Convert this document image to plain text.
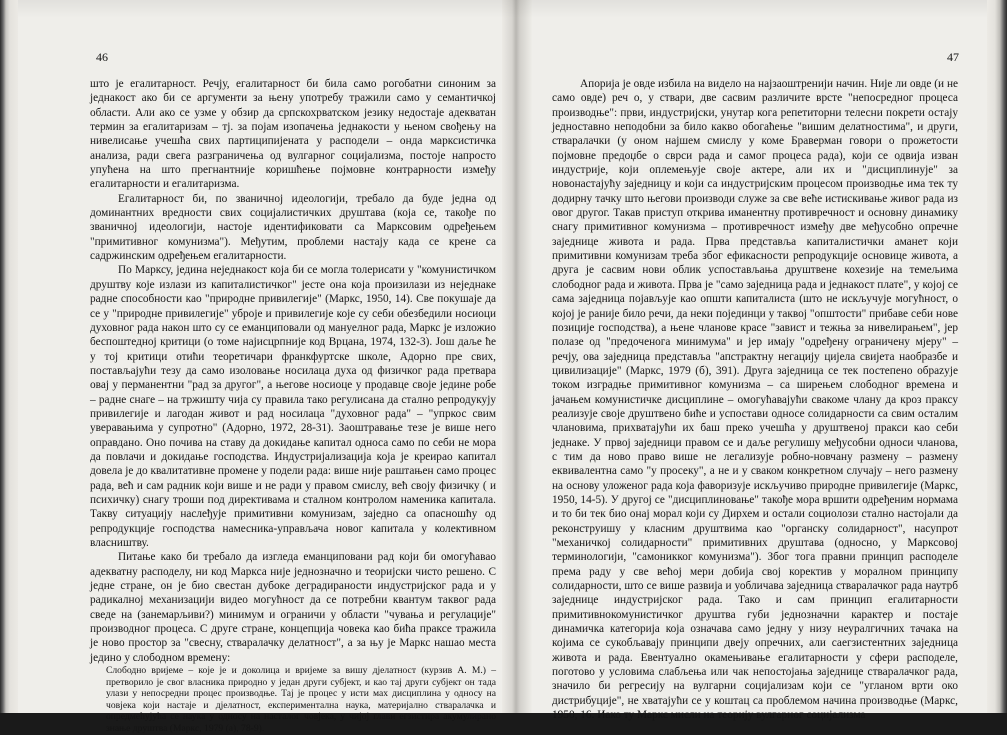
46

што је егалитарност. Речју, егалитарност би била само рогобатни синоним за једнакост ако би се аргументи за њену употребу тражили само у семантичкој области. Али ако се узме у обзир да српскохрватском језику недостаје адекватан термин за егалитаризам – тј. за појам изопачења једнакости у њеном свођењу на нивелисање учешћа свих партиципијената у расподели – онда марксистичка анализа, ради свега разграничења од вулгарног социјализма, постоје напросто упућена на што прегнантније коришћење појмовне контрарности између егалитарности и егалитаризма.

Егалитарност би, по званичној идеологији, требало да буде једна од доминантних вредности свих социјалистичких друштава (која се, такође по званичној идеологији, настоје идентификовати са Марксовим одређењем "примитивног комунизма"). Међутим, проблеми настају када се крене са садржинским одређењем егалитарности.

По Марксу, једина неједнакост која би се могла толерисати у "комунистичком друштву које излази из капиталистичког" јесте она која произилази из неједнаке радне способности као "природне привилегије" (Маркс, 1950, 14). Све покушаје да се у "природне привилегије" уброје и привилегије које су себи обезбедили носиоци духовног рада након што су се еманциповали од мануелног рада, Маркс је изложио беспоштедној критици (о томе најисцрпније код Врцана, 1974, 132-3). Још даље ће у тој критици отићи теоретичари франкфуртске школе, Адорно пре свих, постављајући тезу да само изоловање носилаца духа од физичког рада претвара овај у перманентни "рад за другог", а његове носиоце у продавце своје једине робе – радне снаге – на тржишту чија су правила тако регулисана да стално репродукују привилегије и лагодан живот и рад носилаца "духовног рада" – "упркос свим уверавањима у супротно" (Адорно, 1972, 28-31). Заоштравање тезе је више него оправдано. Оно почива на ставу да докидање капитал односа само по себи не мора да повлачи и докидање господства. Индустријализација која је креирао капитал довела је до квалитативне промене у подели рада: више није раштањен само процес рада, већ и сам радник који више и не ради у правом смислу, већ своју физичку ( и психичку) снагу троши под директивама и сталном контролом наменика капитала. Такву ситуацију наслеђује примитивни комунизам, заједно са опасношћу од репродукције господства намесника-управљача новог капитала у колективном власништву.

Питање како би требало да изгледа еманциповани рад који би омогућавао адекватну расподелу, ни код Маркса није једнозначно и теоријски чисто решено. С једне стране, он је био свестан дубоке деградираности индустријског рада и у радикалној механизацији видео могућност да се потребни квантум таквог рада сведе на (занемарљиви?) минимум и ограничи у области "чувања и регулације" производног процеса. С друге стране, концепција човека као бића праксе тражила је ново простор за "свесну, стваралачку делатност", а за њу је Маркс нашао места једино у слободном времену:

Слободно вријеме – које је и доколица и вријеме за вишу дјелатност (курзив А. М.) – претворило је свог власника природно у један други субјект, и као тај други субјект он тада улази у непосредни процес производње. Тај је процес у исти мах дисциплина у односу на човјека који настаје и дјелатност, експериментална наука, материјално стваралачка и опредмећујућа се наука у односу на насталог човјека, у чијој глави егзистира акумулирано знање друштва (Маркс, 1979 (а), 78-9).

47

Апорија је овде избила на видело на најзаоштренији начин. Није ли овде (и не само овде) реч о, у ствари, две сасвим различите врсте "непосредног процеса производње": први, индустријски, унутар кога репетиторни телесни покрети остају једноставно неподобни за било какво обогаћење "вишим делатностима", и други, стваралачки (у оном најшем смислу у коме Браверман говори о прожетости појмовне предоџбе о сврси рада и самог процеса рада), који се одвија изван индустрије, који оплемењује своје актере, али их и "дисциплинује" за новонастајућу заједницу и који са индустријским процесом производње има тек ту додирну тачку што његови производи служе за све веће истискивање живог рада из овог другог. Такав приступ открива иманентну противречност и основну динамику снагу примитивног комунизма – противречност између две међусобно опречне заједнице живота и рада. Прва представља капиталистички аманет који примитивни комунизам треба због ефикасности репродукције основице живота, а друга је сасвим нови облик успостављања друштвене кохезије на темељима слободног рада и живота. Прва је "само заједница рада и једнакост плате", у којој се сама заједница појављује као општи капиталиста (што не искључује могућност, о којој је раније било речи, да неки појединци у таквој "општости" прибаве себи нове позиције господства), а њене чланове красе "завист и тежња за нивелирањем", јер полазе од "предоченога минимума" и јер имају "одређену ограничену мјеру" – речју, ова заједница представља "апстрактну негацију цијела свијета наобразбе и цивилизације" (Маркс, 1979 (б), 391). Друга заједница се тек постепено обрazује током изградње примитивног комунизма – са ширењем слободног времена и јачањем комунистичке дисциплине – омогућавајући свакоме члану да кроз праксу реализује своје друштвено биће и успостави односе солидарности са свим осталим члановима, прихватајући их баш преко учешћа у друштвеној пракси као себи једнаке. У првој заједници правом се и даље регулишу међусобни односи чланова, с тим да ново право више не легализује робно-новчану размену – размену еквивалентна само "у просеку", а не и у сваком конкретном случају – него размену на основу уложеног рада која фаворизује искључиво природне привилегије (Маркс, 1950, 14-5). У другој се "дисциплиновање" такође мора вршити одређеним нормама и то би тек био онај морал који су Дирхем и остали социолози стално настојали да реконструишу у класним друштвима као "органску солидарност", насупрот "механичкој солидарности" примитивних друштава (односно, у Марксовој терминологији, "самоникког комунизма"). Због тога правни принцип расподеле према раду у све већој мери добија свој коректив у моралном принципу солидарности, што се више развија и уобличава заједница стваралачког рада наутрб заједнице индустријског рада. Тако и сам принцип егалитарности примитивнокомунистичког друштва губи једнозначни карактер и постаје динамичка категорија која означава само једну у низу неуралгичних тачака на којима се сукобљавају принципи двеју опречних, али саегзистентних заједница живота и рада. Евентуално окамењивање егалитарности у сфери расподеле, поготово у условима слабљења или чак непостојања заједнице стваралачког рада, значило би регресију на вулгарни социјализам који се "угланом врти око дистрибуције", не хватајући се у коштац са проблемом начина производње (Маркс, 1950, 16. Иако ту Маркс мисли на теорију вулгарног социјализма
